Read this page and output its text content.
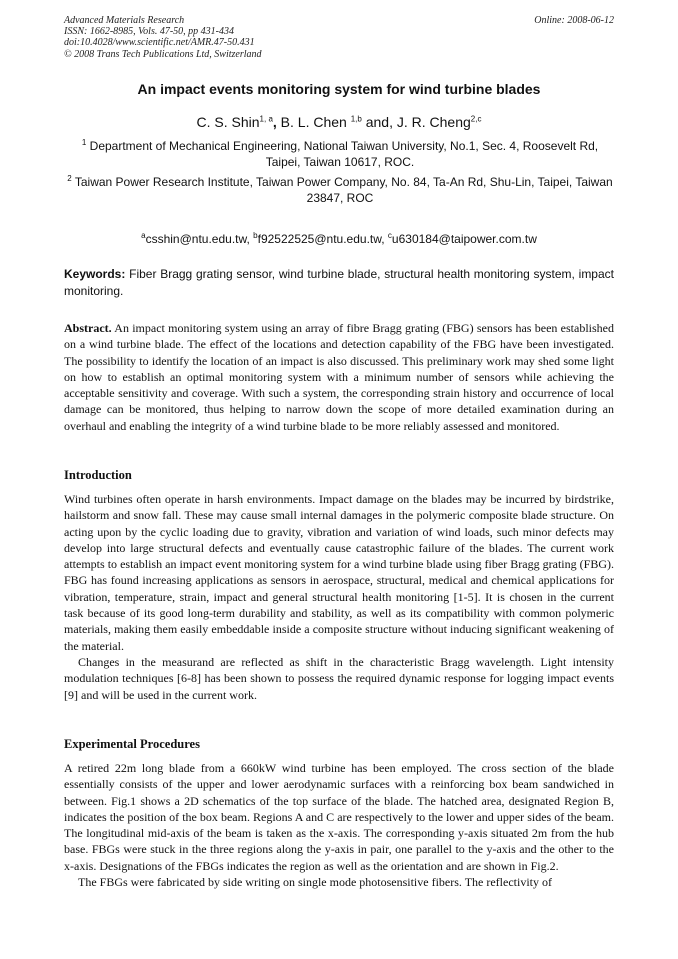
Advanced Materials Research
ISSN: 1662-8985, Vols. 47-50, pp 431-434
doi:10.4028/www.scientific.net/AMR.47-50.431
© 2008 Trans Tech Publications Ltd, Switzerland
Online: 2008-06-12
An impact events monitoring system for wind turbine blades
C. S. Shin$^{1, a}$, B. L. Chen $^{1,b}$ and, J. R. Cheng$^{2,c}$
$^1$ Department of Mechanical Engineering, National Taiwan University, No.1, Sec. 4, Roosevelt Rd, Taipei, Taiwan 10617, ROC.
$^2$ Taiwan Power Research Institute, Taiwan Power Company, No. 84, Ta-An Rd, Shu-Lin, Taipei, Taiwan 23847, ROC
$^a$csshin@ntu.edu.tw, $^b$f92522525@ntu.edu.tw, $^c$u630184@taipower.com.tw
Keywords: Fiber Bragg grating sensor, wind turbine blade, structural health monitoring system, impact monitoring.

Abstract. An impact monitoring system using an array of fibre Bragg grating (FBG) sensors has been established on a wind turbine blade. The effect of the locations and detection capability of the FBG have been investigated. The possibility to identify the location of an impact is also discussed. This preliminary work may shed some light on how to establish an optimal monitoring system with a minimum number of sensors while achieving the acceptable sensitivity and coverage. With such a system, the corresponding strain history and occurrence of local damage can be monitored, thus helping to narrow down the scope of more detailed examination during an overhaul and enabling the integrity of a wind turbine blade to be more reliably assessed and monitored.

Introduction

Wind turbines often operate in harsh environments. Impact damage on the blades may be incurred by birdstrike, hailstorm and snow fall. These may cause small internal damages in the polymeric composite blade structure. On acting upon by the cyclic loading due to gravity, vibration and variation of wind loads, such minor defects may develop into large structural defects and eventually cause catastrophic failure of the blades. The current work attempts to establish an impact event monitoring system for a wind turbine blade using fiber Bragg grating (FBG). FBG has found increasing applications as sensors in aerospace, structural, medical and chemical applications for vibration, temperature, strain, impact and general structural health monitoring [1-5]. It is chosen in the current task because of its good long-term durability and stability, as well as its compatibility with common polymeric materials, making them easily embeddable inside a composite structure without inducing significant weakening of the material.

Changes in the measurand are reflected as shift in the characteristic Bragg wavelength. Light intensity modulation techniques [6-8] has been shown to possess the required dynamic response for logging impact events [9] and will be used in the current work.

Experimental Procedures

A retired 22m long blade from a 660kW wind turbine has been employed. The cross section of the blade essentially consists of the upper and lower aerodynamic surfaces with a reinforcing box beam sandwiched in between. Fig.1 shows a 2D schematics of the top surface of the blade. The hatched area, designated Region B, indicates the position of the box beam. Regions A and C are respectively to the lower and upper sides of the beam. The longitudinal mid-axis of the beam is taken as the x-axis. The corresponding y-axis situated 2m from the hub base. FBGs were stuck in the three regions along the y-axis in pair, one parallel to the y-axis and the other to the x-axis. Designations of the FBGs indicates the region as well as the orientation and are shown in Fig.2.

The FBGs were fabricated by side writing on single mode photosensitive fibers. The reflectivity of
